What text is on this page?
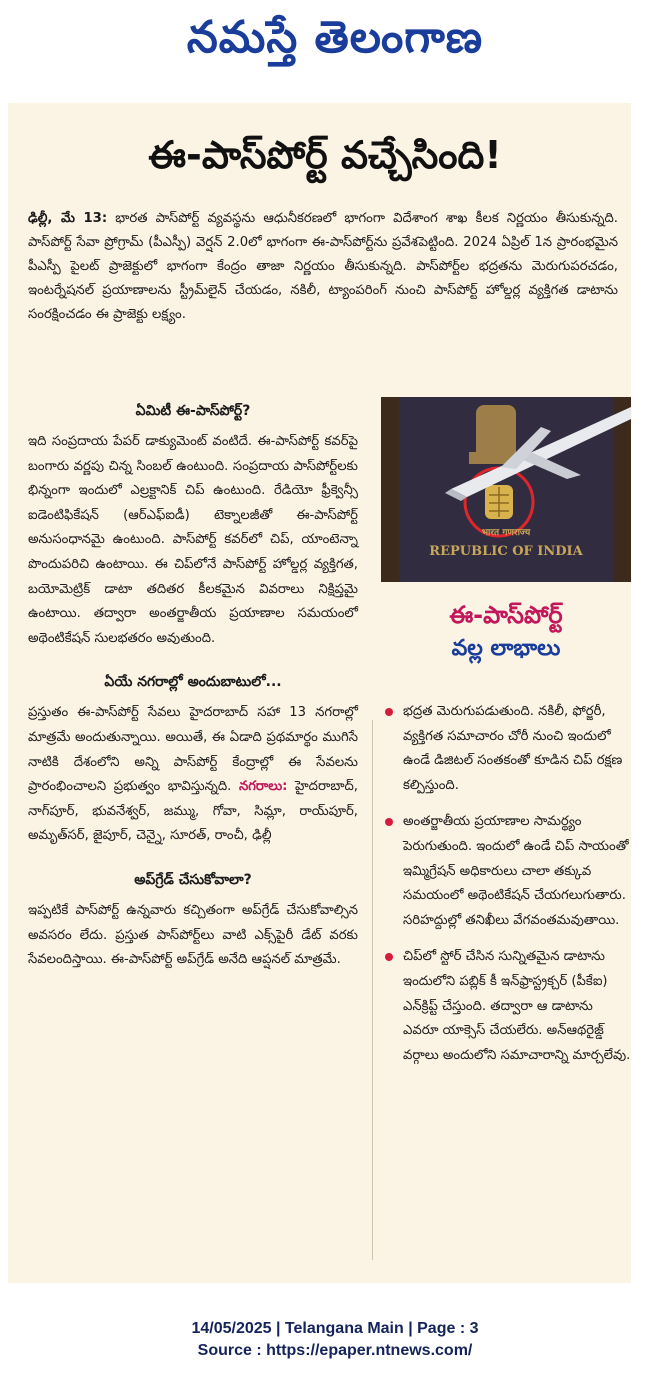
నమస్తే తెలంగాణ
ఈ-పాస్‌పోర్ట్ వచ్చేసింది!
ఢిల్లీ, మే 13: భారత పాస్‌పోర్ట్ వ్యవస్థను ఆధునీకరణలో భాగంగా విదేశాంగ శాఖ కీలక నిర్ణయం తీసుకున్నది. పాస్‌పోర్ట్ సేవా ప్రోగ్రామ్ (పీఎస్పీ) వెర్షన్ 2.0లో భాగంగా ఈ-పాస్‌పోర్ట్‌ను ప్రవేశపెట్టింది. 2024 ఏప్రిల్ 1న ప్రారంభమైన పీఎస్పీ పైలట్ ప్రాజెక్టులో భాగంగా కేంద్రం తాజా నిర్ణయం తీసుకున్నది. పాస్‌పోర్ట్‌ల భద్రతను మెరుగుపరచడం, ఇంటర్నేషనల్ ప్రయాణాలను స్ట్రీమ్‌లైన్ చేయడం, నకిలీ, ట్యాంపరింగ్ నుంచి పాస్‌పోర్ట్ హోల్డర్ల వ్యక్తిగత డాటాను సంరక్షించడం ఈ ప్రాజెక్టు లక్ష్యం.
ఏమిటీ ఈ-పాస్‌పోర్ట్?
ఇది సంప్రదాయ పేపర్ డాక్యుమెంట్ వంటిదే. ఈ-పాస్‌పోర్ట్ కవర్‌పై బంగారు వర్ణపు చిన్న సింబల్ ఉంటుంది. సంప్రదాయ పాస్‌పోర్ట్‌లకు భిన్నంగా ఇందులో ఎల్రక్టానిక్ చిప్ ఉంటుంది. రేడియో ఫ్రీక్వెన్సీ ఐడెంటిఫికేషన్ (ఆర్ఎఫ్ఐడీ) టెక్నాలజీతో ఈ-పాస్‌పోర్ట్ అనుసంధానమై ఉంటుంది. పాస్‌పోర్ట్ కవర్‌లో చిప్, యాంటెన్నా పొందుపరిచి ఉంటాయి. ఈ చిప్‌లోనే పాస్‌పోర్ట్ హోల్డర్ల వ్యక్తిగత, బయోమెట్రిక్ డాటా తదితర కీలకమైన వివరాలు నిక్షిప్తమై ఉంటాయి. తద్వారా అంతర్జాతీయ ప్రయాణాల సమయంలో అథెంటికేషన్ సులభతరం అవుతుంది.
ఏయే నగరాల్లో అందుబాటులో...
ప్రస్తుతం ఈ-పాస్‌పోర్ట్ సేవలు హైదరాబాద్ సహా 13 నగరాల్లో మాత్రమే అందుతున్నాయి. అయితే, ఈ ఏడాది ప్రథమార్థం ముగిసే నాటికి దేశంలోని అన్ని పాస్‌పోర్ట్ కేంద్రాల్లో ఈ సేవలను ప్రారంభించాలని ప్రభుత్వం భావిస్తున్నది. నగరాలు: హైదరాబాద్, నాగ్‌పూర్, భువనేశ్వర్, జమ్ము, గోవా, సిమ్లా, రాయ్‌పూర్, అమృత్‌సర్, జైపూర్, చెన్నై, సూరత్, రాంచీ, ఢిల్లీ
అప్‌గ్రేడ్ చేసుకోవాలా?
ఇప్పటికే పాస్‌పోర్ట్ ఉన్నవారు కచ్చితంగా అప్‌గ్రేడ్ చేసుకోవాల్సిన అవసరం లేదు. ప్రస్తుత పాస్‌పోర్ట్‌లు వాటి ఎక్స్‌పైరీ డేట్ వరకు సేవలందిస్తాయి. ఈ-పాస్‌పోర్ట్ అప్‌గ్రేడ్ అనేది ఆప్షనల్ మాత్రమే.
भारत गणराज्य
REPUBLIC OF INDIA
ఈ-పాస్‌పోర్ట్
వల్ల లాభాలు
భద్రత మెరుగుపడుతుంది. నకిలీ, ఫోర్జరీ, వ్యక్తిగత సమాచారం చోరీ నుంచి ఇందులో ఉండే డిజిటల్ సంతకంతో కూడిన చిప్ రక్షణ కల్పిస్తుంది.
అంతర్జాతీయ ప్రయాణాల సామర్థ్యం పెరుగుతుంది. ఇందులో ఉండే చిప్ సాయంతో ఇమ్మిగ్రేషన్ అధికారులు చాలా తక్కువ సమయంలో అథెంటికేషన్ చేయగలుగుతారు. సరిహద్దుల్లో తనిఖీలు వేగవంతమవుతాయి.
చిప్‌లో స్టోర్ చేసిన సున్నితమైన డాటాను ఇందులోని పబ్లిక్ కీ ఇన్‌ఫ్రాస్ట్రక్చర్ (పీకేఐ) ఎన్‌క్రిప్ట్ చేస్తుంది. తద్వారా ఆ డాటాను ఎవరూ యాక్సెస్ చేయలేరు. అన్‌ఆథరైజ్డ్ వర్గాలు అందులోని సమాచారాన్ని మార్చలేవు.
14/05/2025 | Telangana Main | Page : 3
Source : https://epaper.ntnews.com/
